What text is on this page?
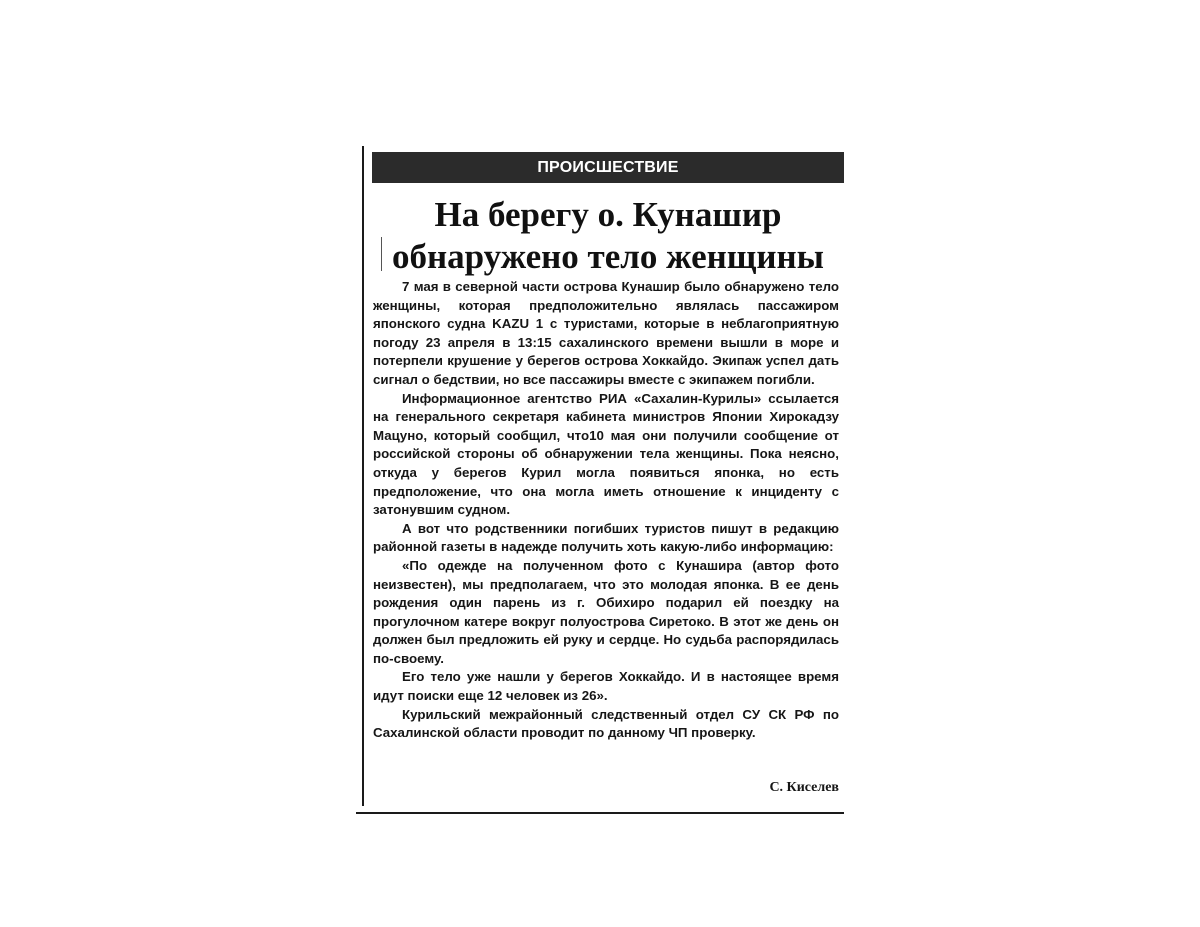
ПРОИСШЕСТВИЕ
На берегу о. Кунашир
обнаружено тело женщины

7 мая в северной части острова Кунашир было обнаружено тело женщины, которая предположительно являлась пассажиром японского судна KAZU 1 с туристами, которые в неблагоприятную погоду 23 апреля в 13:15 сахалинского времени вышли в море и потерпели крушение у берегов острова Хоккайдо. Экипаж успел дать сигнал о бедствии, но все пассажиры вместе с экипажем погибли.

Информационное агентство РИА «Сахалин-Курилы» ссылается на генерального секретаря кабинета министров Японии Хирокадзу Мацуно, который сообщил, что10 мая они получили сообщение от российской стороны об обнаружении тела женщины. Пока неясно, откуда у берегов Курил могла появиться японка, но есть предположение, что она могла иметь отношение к инциденту с затонувшим судном.

А вот что родственники погибших туристов пишут в редакцию районной газеты в надежде получить хоть какую-либо информацию:

«По одежде на полученном фото с Кунашира (автор фото неизвестен), мы предполагаем, что это молодая японка. В ее день рождения один парень из г. Обихиро подарил ей поездку на прогулочном катере вокруг полуострова Сиретоко. В этот же день он должен был предложить ей руку и сердце. Но судьба распорядилась по-своему.

Его тело уже нашли у берегов Хоккайдо. И в настоящее время идут поиски еще 12 человек из 26».

Курильский межрайонный следственный отдел СУ СК РФ по Сахалинской области проводит по данному ЧП проверку.

С. Киселев
